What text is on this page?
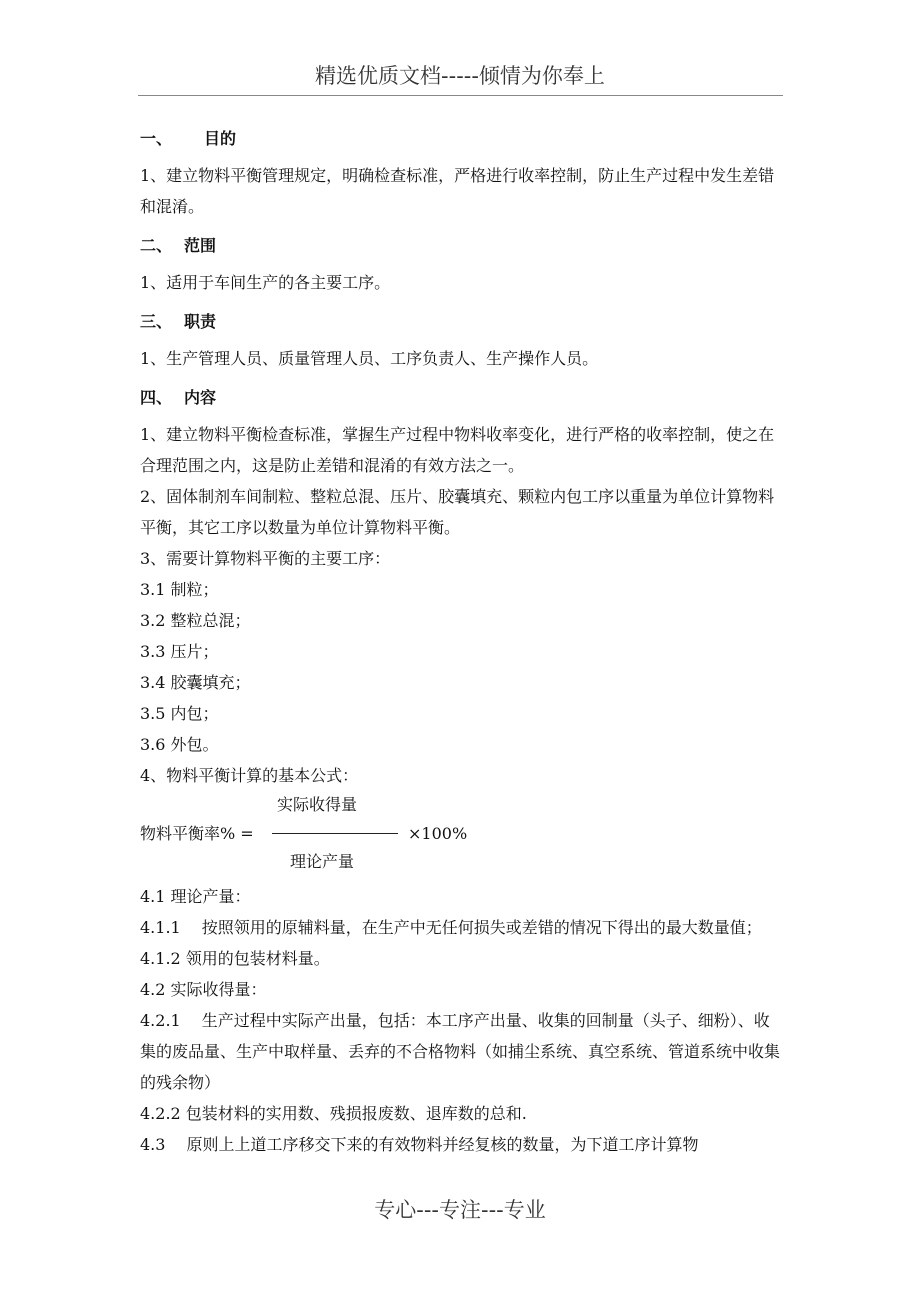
精选优质文档-----倾情为你奉上
一、 目的

1、建立物料平衡管理规定，明确检查标准，严格进行收率控制，防止生产过程中发生差错和混淆。

二、 范围

1、适用于车间生产的各主要工序。

三、 职责

1、生产管理人员、质量管理人员、工序负责人、生产操作人员。

四、 内容

1、建立物料平衡检查标准，掌握生产过程中物料收率变化，进行严格的收率控制，使之在合理范围之内，这是防止差错和混淆的有效方法之一。

2、固体制剂车间制粒、整粒总混、压片、胶囊填充、颗粒内包工序以重量为单位计算物料平衡，其它工序以数量为单位计算物料平衡。

3、需要计算物料平衡的主要工序：

3.1 制粒；

3.2 整粒总混；

3.3 压片；

3.4 胶囊填充；

3.5 内包；

3.6 外包。

4、物料平衡计算的基本公式：

实际收得量
物料平衡率% =	×100%
理论产量

4.1 理论产量：

4.1.1　 按照领用的原辅料量，在生产中无任何损失或差错的情况下得出的最大数量值；

4.1.2 领用的包装材料量。

4.2 实际收得量：

4.2.1　 生产过程中实际产出量，包括：本工序产出量、收集的回制量（头子、细粉）、收集的废品量、生产中取样量、丢弃的不合格物料（如捕尘系统、真空系统、管道系统中收集的残余物）

4.2.2 包装材料的实用数、残损报废数、退库数的总和.

4.3　 原则上上道工序移交下来的有效物料并经复核的数量，为下道工序计算物

专心---专注---专业
